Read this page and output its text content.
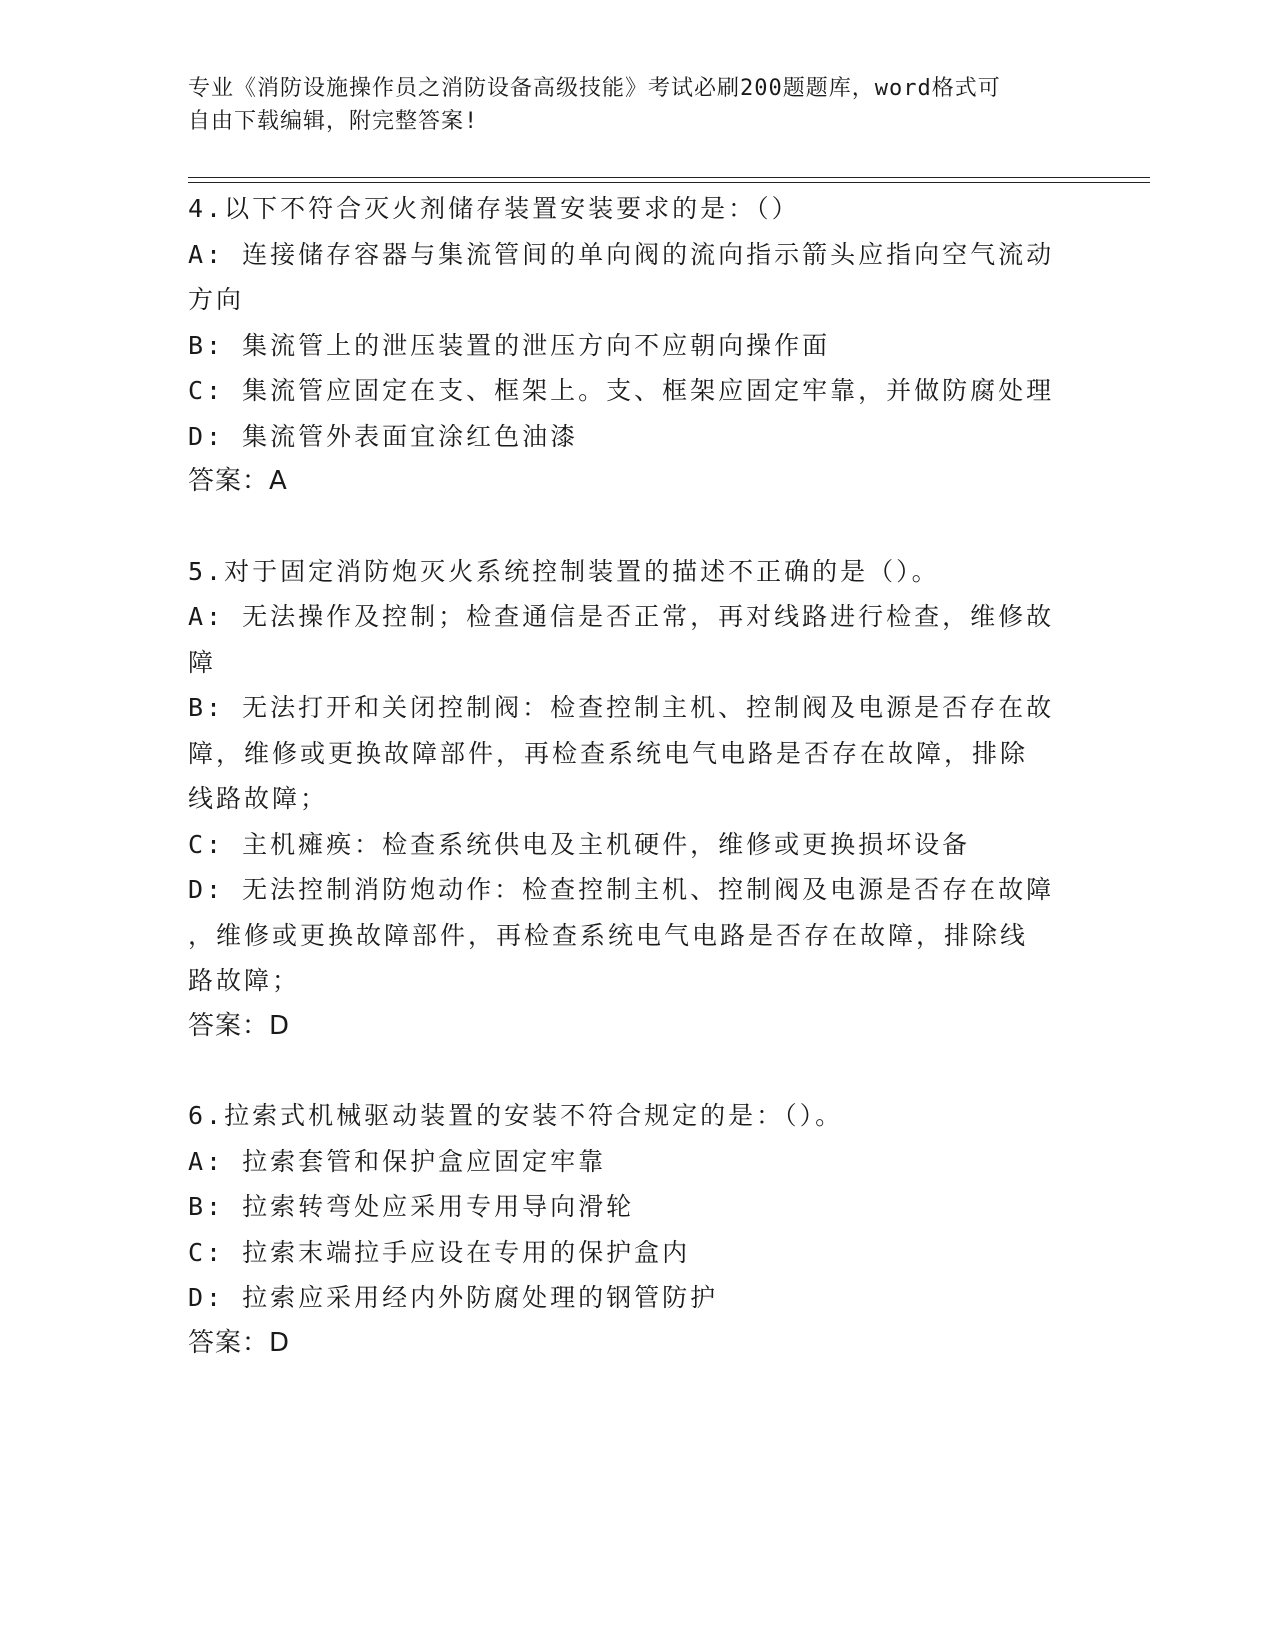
专业《消防设施操作员之消防设备高级技能》考试必刷200题题库，word格式可
自由下载编辑，附完整答案!
4.以下不符合灭火剂储存装置安装要求的是：（）
A: 连接储存容器与集流管间的单向阀的流向指示箭头应指向空气流动
方向
B: 集流管上的泄压装置的泄压方向不应朝向操作面
C: 集流管应固定在支、框架上。支、框架应固定牢靠，并做防腐处理
D: 集流管外表面宜涂红色油漆
答案：A
5.对于固定消防炮灭火系统控制装置的描述不正确的是（）。
A: 无法操作及控制；检查通信是否正常，再对线路进行检查，维修故
障
B: 无法打开和关闭控制阀：检查控制主机、控制阀及电源是否存在故
障，维修或更换故障部件，再检查系统电气电路是否存在故障，排除
线路故障；
C: 主机瘫痪：检查系统供电及主机硬件，维修或更换损坏设备
D: 无法控制消防炮动作：检查控制主机、控制阀及电源是否存在故障
，维修或更换故障部件，再检查系统电气电路是否存在故障，排除线
路故障；
答案：D
6.拉索式机械驱动装置的安装不符合规定的是：（）。
A: 拉索套管和保护盒应固定牢靠
B: 拉索转弯处应采用专用导向滑轮
C: 拉索末端拉手应设在专用的保护盒内
D: 拉索应采用经内外防腐处理的钢管防护
答案：D
